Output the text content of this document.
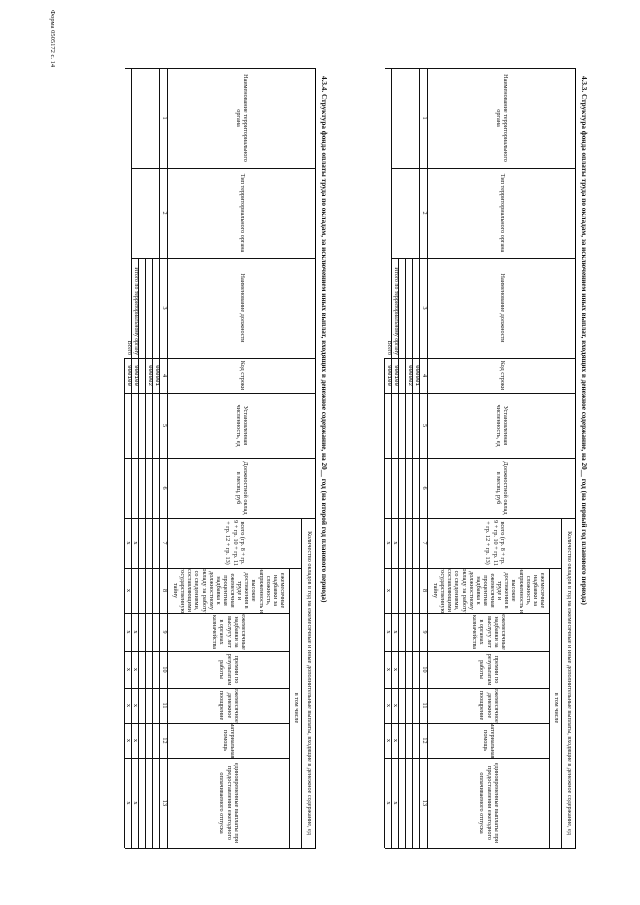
Форма 0505172 с. 14
4.3.3. Структура фонда оплаты труда по окладам, за исключением иных выплат, входящих в денежное содержание, на 20__ год (на первый год планового периода)
Наименование территориального органа
Тип территориального органа
Наименование должности
Код строки
Установленная численность, ед
Должностной оклад в месяц, руб
Количество окладов в год на ежемесячные и иные дополнительные выплаты, входящие в денежное содержание, ед
всего (гр. 8 + гр. 9 + гр. 10 + гр. 11 + гр. 12 + гр. 13)
в том числе
ежемесячные надбавки за сложность, напряженность и высокие достижения в труде и ежемесячная процентная надбавка к должностному окладу за работу со сведениями, составляющими государственную тайну
ежемесячные надбавки за выслугу лет в органах казначейства
премии по результатам работы
ежемесячное денежное поощрение
материальная помощь
единовременные выплаты при предоставлении ежегодного оплачиваемого отпуска
1
2
3
4
5
6
7
8
9
10
11
12
13
000001
000002
900100
x
x
x
x
x
x
900100
x
x
x
x
x
x
x
Итого по территориальному органу
Всего
4.3.4. Структура фонда оплаты труда по окладам, за исключением иных выплат, входящих в денежное содержание, на 20__ год (на второй год планового периода)
Наименование территориального органа
Тип территориального органа
Наименование должности
Код строки
Установленная численность, ед
Должностной оклад в месяц, руб
Количество окладов в год на ежемесячные и иные дополнительные выплаты, входящие в денежное содержание, ед
всего (гр. 8 + гр. 9 + гр. 10 + гр. 11 + гр. 12 + гр. 13)
в том числе
ежемесячные надбавки за сложность, напряженность и высокие достижения в труде и ежемесячная процентная надбавка к должностному окладу за работу со сведениями, составляющими государственную тайну
ежемесячные надбавки за выслугу лет в органах казначейства
премии по результатам работы
ежемесячное денежное поощрение
материальная помощь
единовременные выплаты при предоставлении ежегодного оплачиваемого отпуска
1
2
3
4
5
6
7
8
9
10
11
12
13
000001
000002
900100
x
x
x
x
x
x
900100
x
x
x
x
x
x
x
Итого по территориальному органу
Всего
